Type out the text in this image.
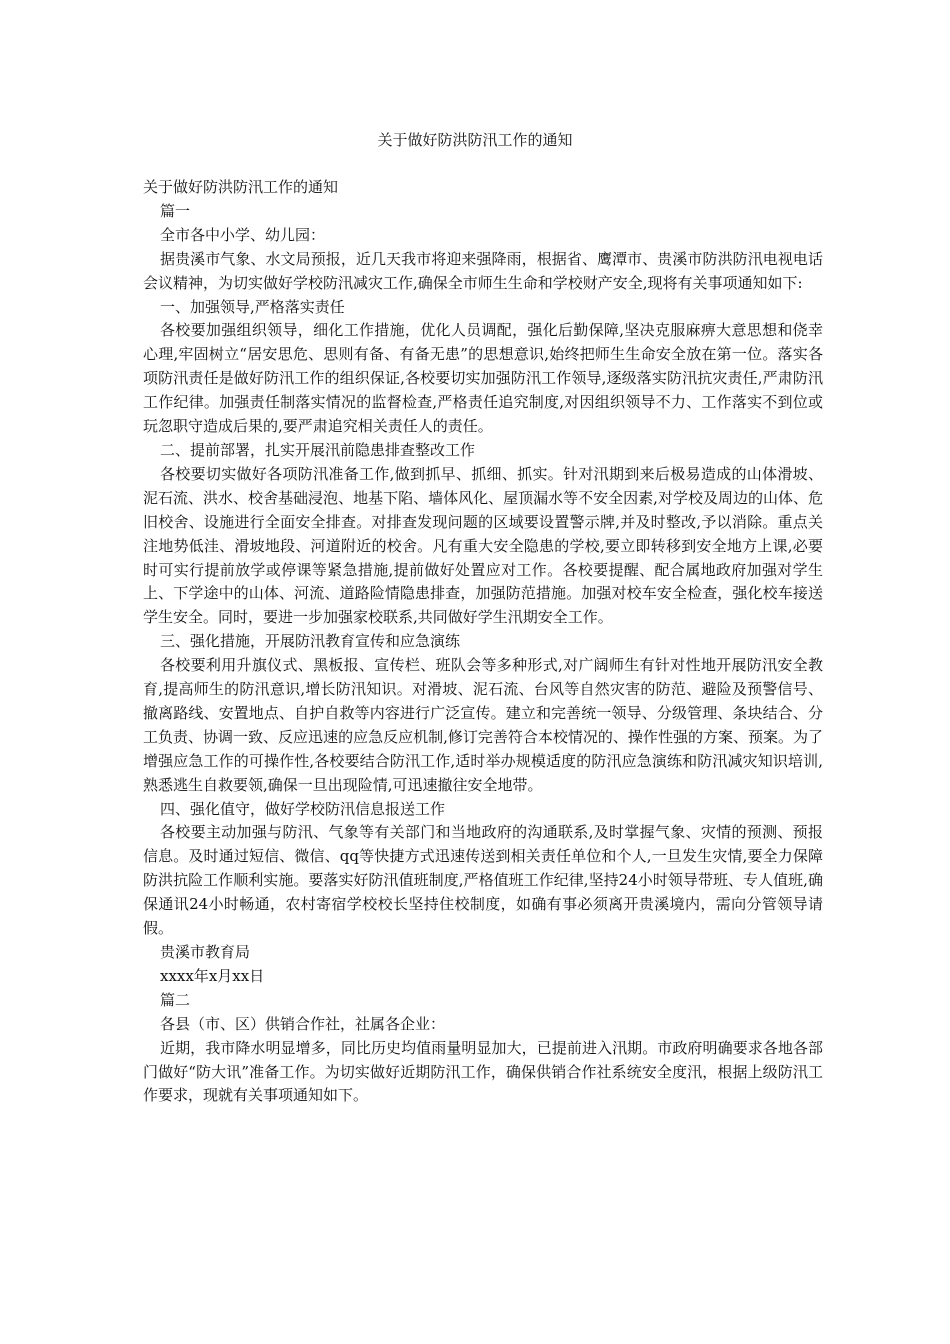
关于做好防洪防汛工作的通知

关于做好防洪防汛工作的通知

篇一

全市各中小学、幼儿园：

据贵溪市气象、水文局预报，近几天我市将迎来强降雨，根据省、鹰潭市、贵溪市防洪防汛电视电话会议精神，为切实做好学校防汛减灾工作,确保全市师生生命和学校财产安全,现将有关事项通知如下:

一、加强领导,严格落实责任

各校要加强组织领导，细化工作措施，优化人员调配，强化后勤保障,坚决克服麻痹大意思想和侥幸心理,牢固树立“居安思危、思则有备、有备无患”的思想意识,始终把师生生命安全放在第一位。落实各项防汛责任是做好防汛工作的组织保证,各校要切实加强防汛工作领导,逐级落实防汛抗灾责任,严肃防汛工作纪律。加强责任制落实情况的监督检查,严格责任追究制度,对因组织领导不力、工作落实不到位或玩忽职守造成后果的,要严肃追究相关责任人的责任。

二、提前部署，扎实开展汛前隐患排查整改工作

各校要切实做好各项防汛准备工作,做到抓早、抓细、抓实。针对汛期到来后极易造成的山体滑坡、泥石流、洪水、校舍基础浸泡、地基下陷、墙体风化、屋顶漏水等不安全因素,对学校及周边的山体、危旧校舍、设施进行全面安全排查。对排查发现问题的区域要设置警示牌,并及时整改,予以消除。重点关注地势低洼、滑坡地段、河道附近的校舍。凡有重大安全隐患的学校,要立即转移到安全地方上课,必要时可实行提前放学或停课等紧急措施,提前做好处置应对工作。各校要提醒、配合属地政府加强对学生上、下学途中的山体、河流、道路险情隐患排查，加强防范措施。加强对校车安全检查，强化校车接送学生安全。同时，要进一步加强家校联系,共同做好学生汛期安全工作。

三、强化措施，开展防汛教育宣传和应急演练

各校要利用升旗仪式、黑板报、宣传栏、班队会等多种形式,对广阔师生有针对性地开展防汛安全教育,提高师生的防汛意识,增长防汛知识。对滑坡、泥石流、台风等自然灾害的防范、避险及预警信号、撤离路线、安置地点、自护自救等内容进行广泛宣传。建立和完善统一领导、分级管理、条块结合、分工负责、协调一致、反应迅速的应急反应机制,修订完善符合本校情况的、操作性强的方案、预案。为了增强应急工作的可操作性,各校要结合防汛工作,适时举办规模适度的防汛应急演练和防汛减灾知识培训,熟悉逃生自救要领,确保一旦出现险情,可迅速撤往安全地带。

四、强化值守，做好学校防汛信息报送工作

各校要主动加强与防汛、气象等有关部门和当地政府的沟通联系,及时掌握气象、灾情的预测、预报信息。及时通过短信、微信、qq等快捷方式迅速传送到相关责任单位和个人,一旦发生灾情,要全力保障防洪抗险工作顺利实施。要落实好防汛值班制度,严格值班工作纪律,坚持24小时领导带班、专人值班,确保通讯24小时畅通，农村寄宿学校校长坚持住校制度，如确有事必须离开贵溪境内，需向分管领导请假。

贵溪市教育局

xxxx年x月xx日

篇二

各县（市、区）供销合作社，社属各企业：

近期，我市降水明显增多，同比历史均值雨量明显加大，已提前进入汛期。市政府明确要求各地各部门做好“防大讯”准备工作。为切实做好近期防汛工作，确保供销合作社系统安全度汛，根据上级防汛工作要求，现就有关事项通知如下。
